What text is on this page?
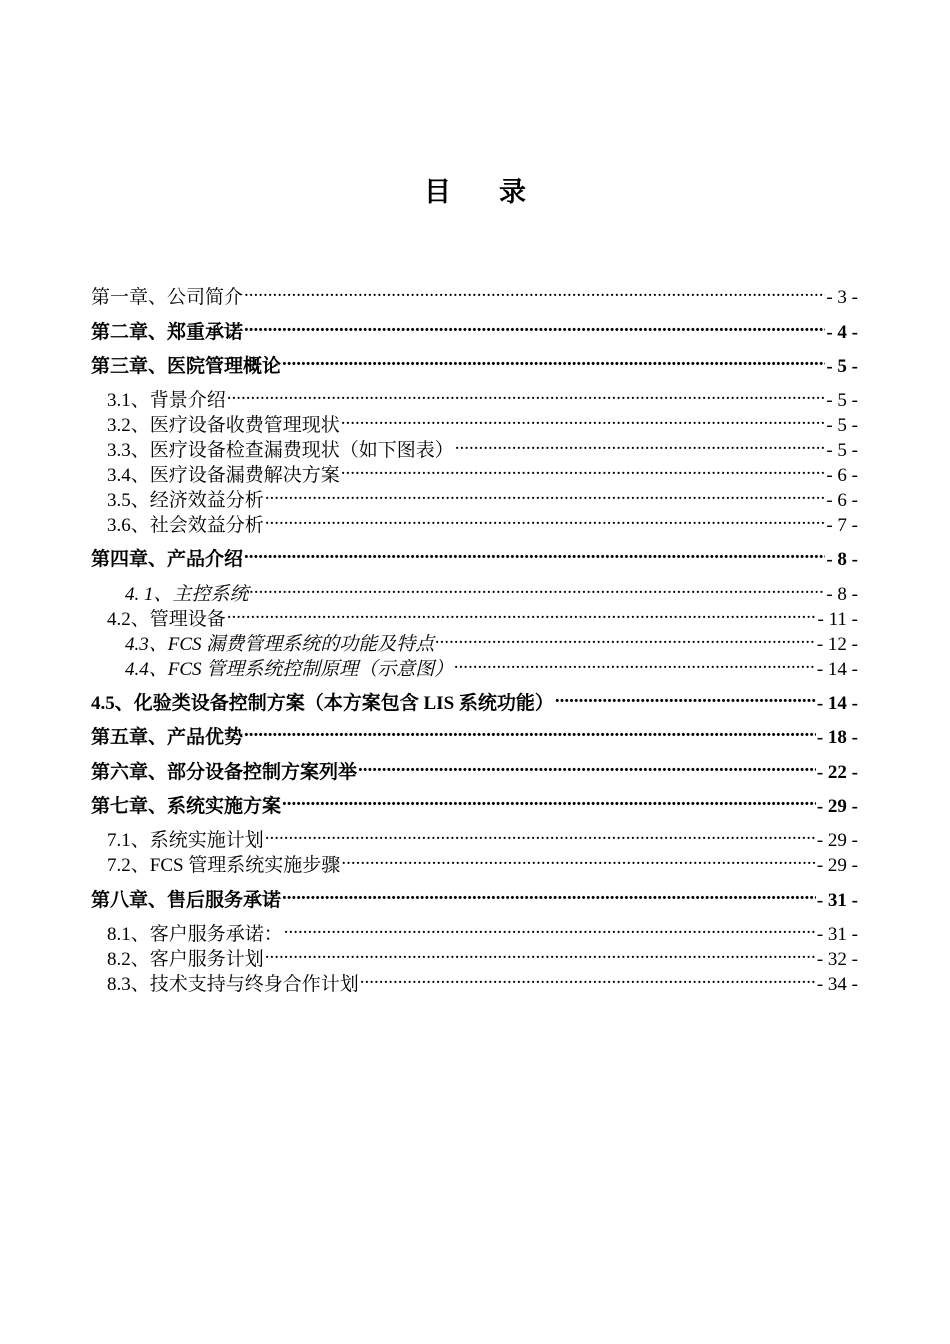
目 录
第一章、公司简介 .....	- 3 -
第二章、郑重承诺 .....	- 4 -
第三章、医院管理概论 .....	- 5 -
3.1、背景介绍 .....	- 5 -
3.2、医疗设备收费管理现状 .....	- 5 -
3.3、医疗设备检查漏费现状（如下图表） .....	- 5 -
3.4、医疗设备漏费解决方案 .....	- 6 -
3.5、经济效益分析 .....	- 6 -
3.6、社会效益分析 .....	- 7 -
第四章、产品介绍 .....	- 8 -
4. 1、主控系统 .....	- 8 -
4.2、管理设备 .....	- 11 -
4.3、FCS 漏费管理系统的功能及特点 .....	- 12 -
4.4、FCS 管理系统控制原理（示意图） .....	- 14 -
4.5、化验类设备控制方案（本方案包含 LIS 系统功能） .....	- 14 -
第五章、产品优势 .....	- 18 -
第六章、部分设备控制方案列举 .....	- 22 -
第七章、系统实施方案 .....	- 29 -
7.1、系统实施计划 .....	- 29 -
7.2、FCS 管理系统实施步骤 .....	- 29 -
第八章、售后服务承诺 .....	- 31 -
8.1、客户服务承诺： .....	- 31 -
8.2、客户服务计划 .....	- 32 -
8.3、技术支持与终身合作计划 .....	- 34 -
